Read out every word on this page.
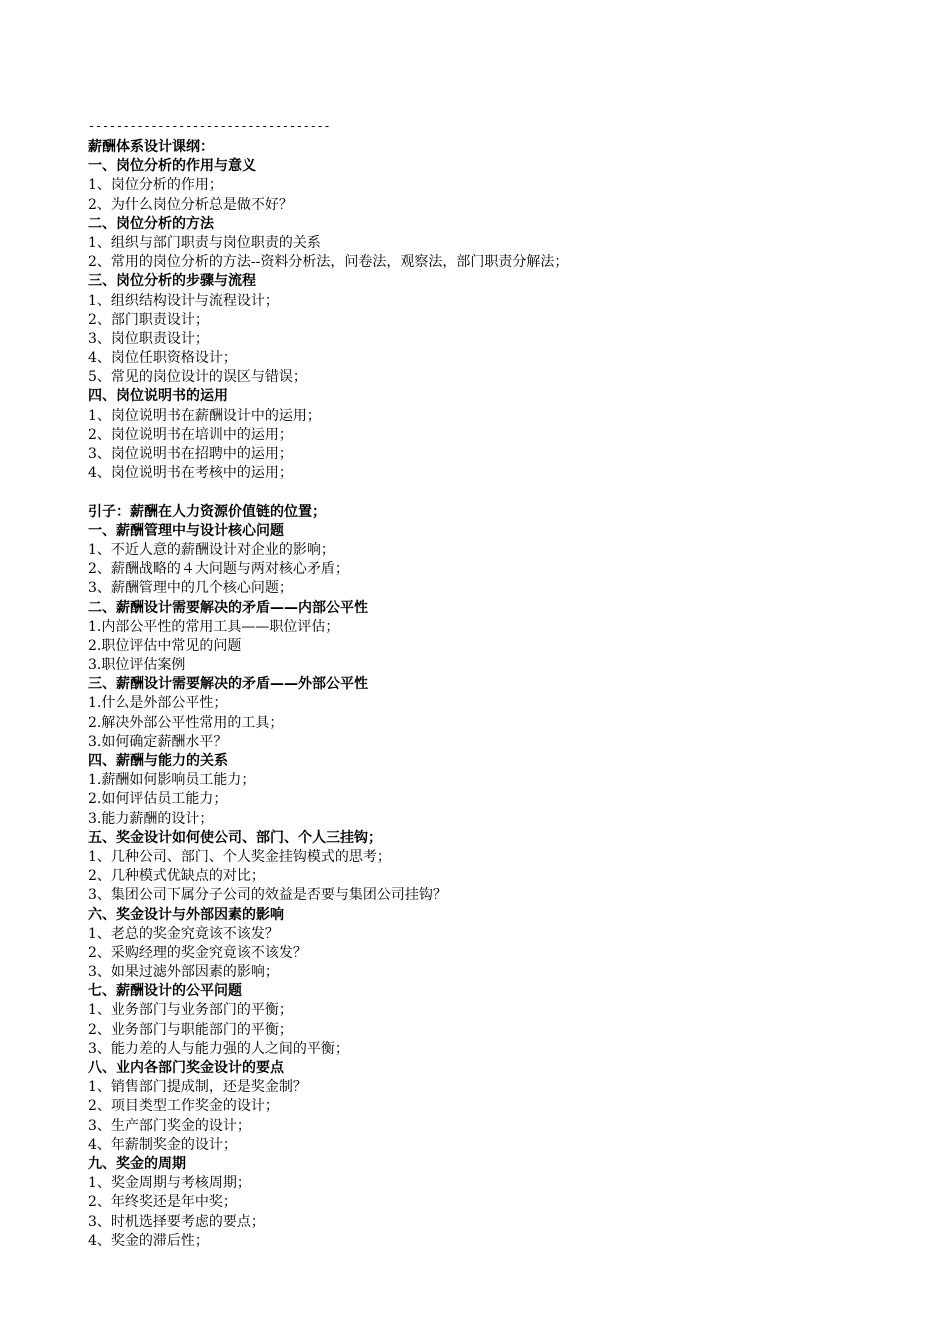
-----------------------------------
薪酬体系设计课纲：
一、岗位分析的作用与意义
1、岗位分析的作用；
2、为什么岗位分析总是做不好？
二、岗位分析的方法
1、组织与部门职责与岗位职责的关系
2、常用的岗位分析的方法--资料分析法，问卷法，观察法，部门职责分解法；
三、岗位分析的步骤与流程
1、组织结构设计与流程设计；
2、部门职责设计；
3、岗位职责设计；
4、岗位任职资格设计；
5、常见的岗位设计的误区与错误；
四、岗位说明书的运用
1、岗位说明书在薪酬设计中的运用；
2、岗位说明书在培训中的运用；
3、岗位说明书在招聘中的运用；
4、岗位说明书在考核中的运用；
引子：薪酬在人力资源价值链的位置；
一、薪酬管理中与设计核心问题
1、不近人意的薪酬设计对企业的影响；
2、薪酬战略的４大问题与两对核心矛盾；
3、薪酬管理中的几个核心问题；
二、薪酬设计需要解决的矛盾——内部公平性
1.内部公平性的常用工具——职位评估；
2.职位评估中常见的问题
3.职位评估案例
三、薪酬设计需要解决的矛盾——外部公平性
1.什么是外部公平性；
2.解决外部公平性常用的工具；
3.如何确定薪酬水平？
四、薪酬与能力的关系
1.薪酬如何影响员工能力；
2.如何评估员工能力；
3.能力薪酬的设计；
五、奖金设计如何使公司、部门、个人三挂钩；
1、几种公司、部门、个人奖金挂钩模式的思考；
2、几种模式优缺点的对比；
3、集团公司下属分子公司的效益是否要与集团公司挂钩？
六、奖金设计与外部因素的影响
1、老总的奖金究竟该不该发？
2、采购经理的奖金究竟该不该发？
3、如果过滤外部因素的影响；
七、薪酬设计的公平问题
1、业务部门与业务部门的平衡；
2、业务部门与职能部门的平衡；
3、能力差的人与能力强的人之间的平衡；
八、业内各部门奖金设计的要点
1、销售部门提成制，还是奖金制？
2、项目类型工作奖金的设计；
3、生产部门奖金的设计；
4、年薪制奖金的设计；
九、奖金的周期
1、奖金周期与考核周期；
2、年终奖还是年中奖；
3、时机选择要考虑的要点；
4、奖金的滞后性；
